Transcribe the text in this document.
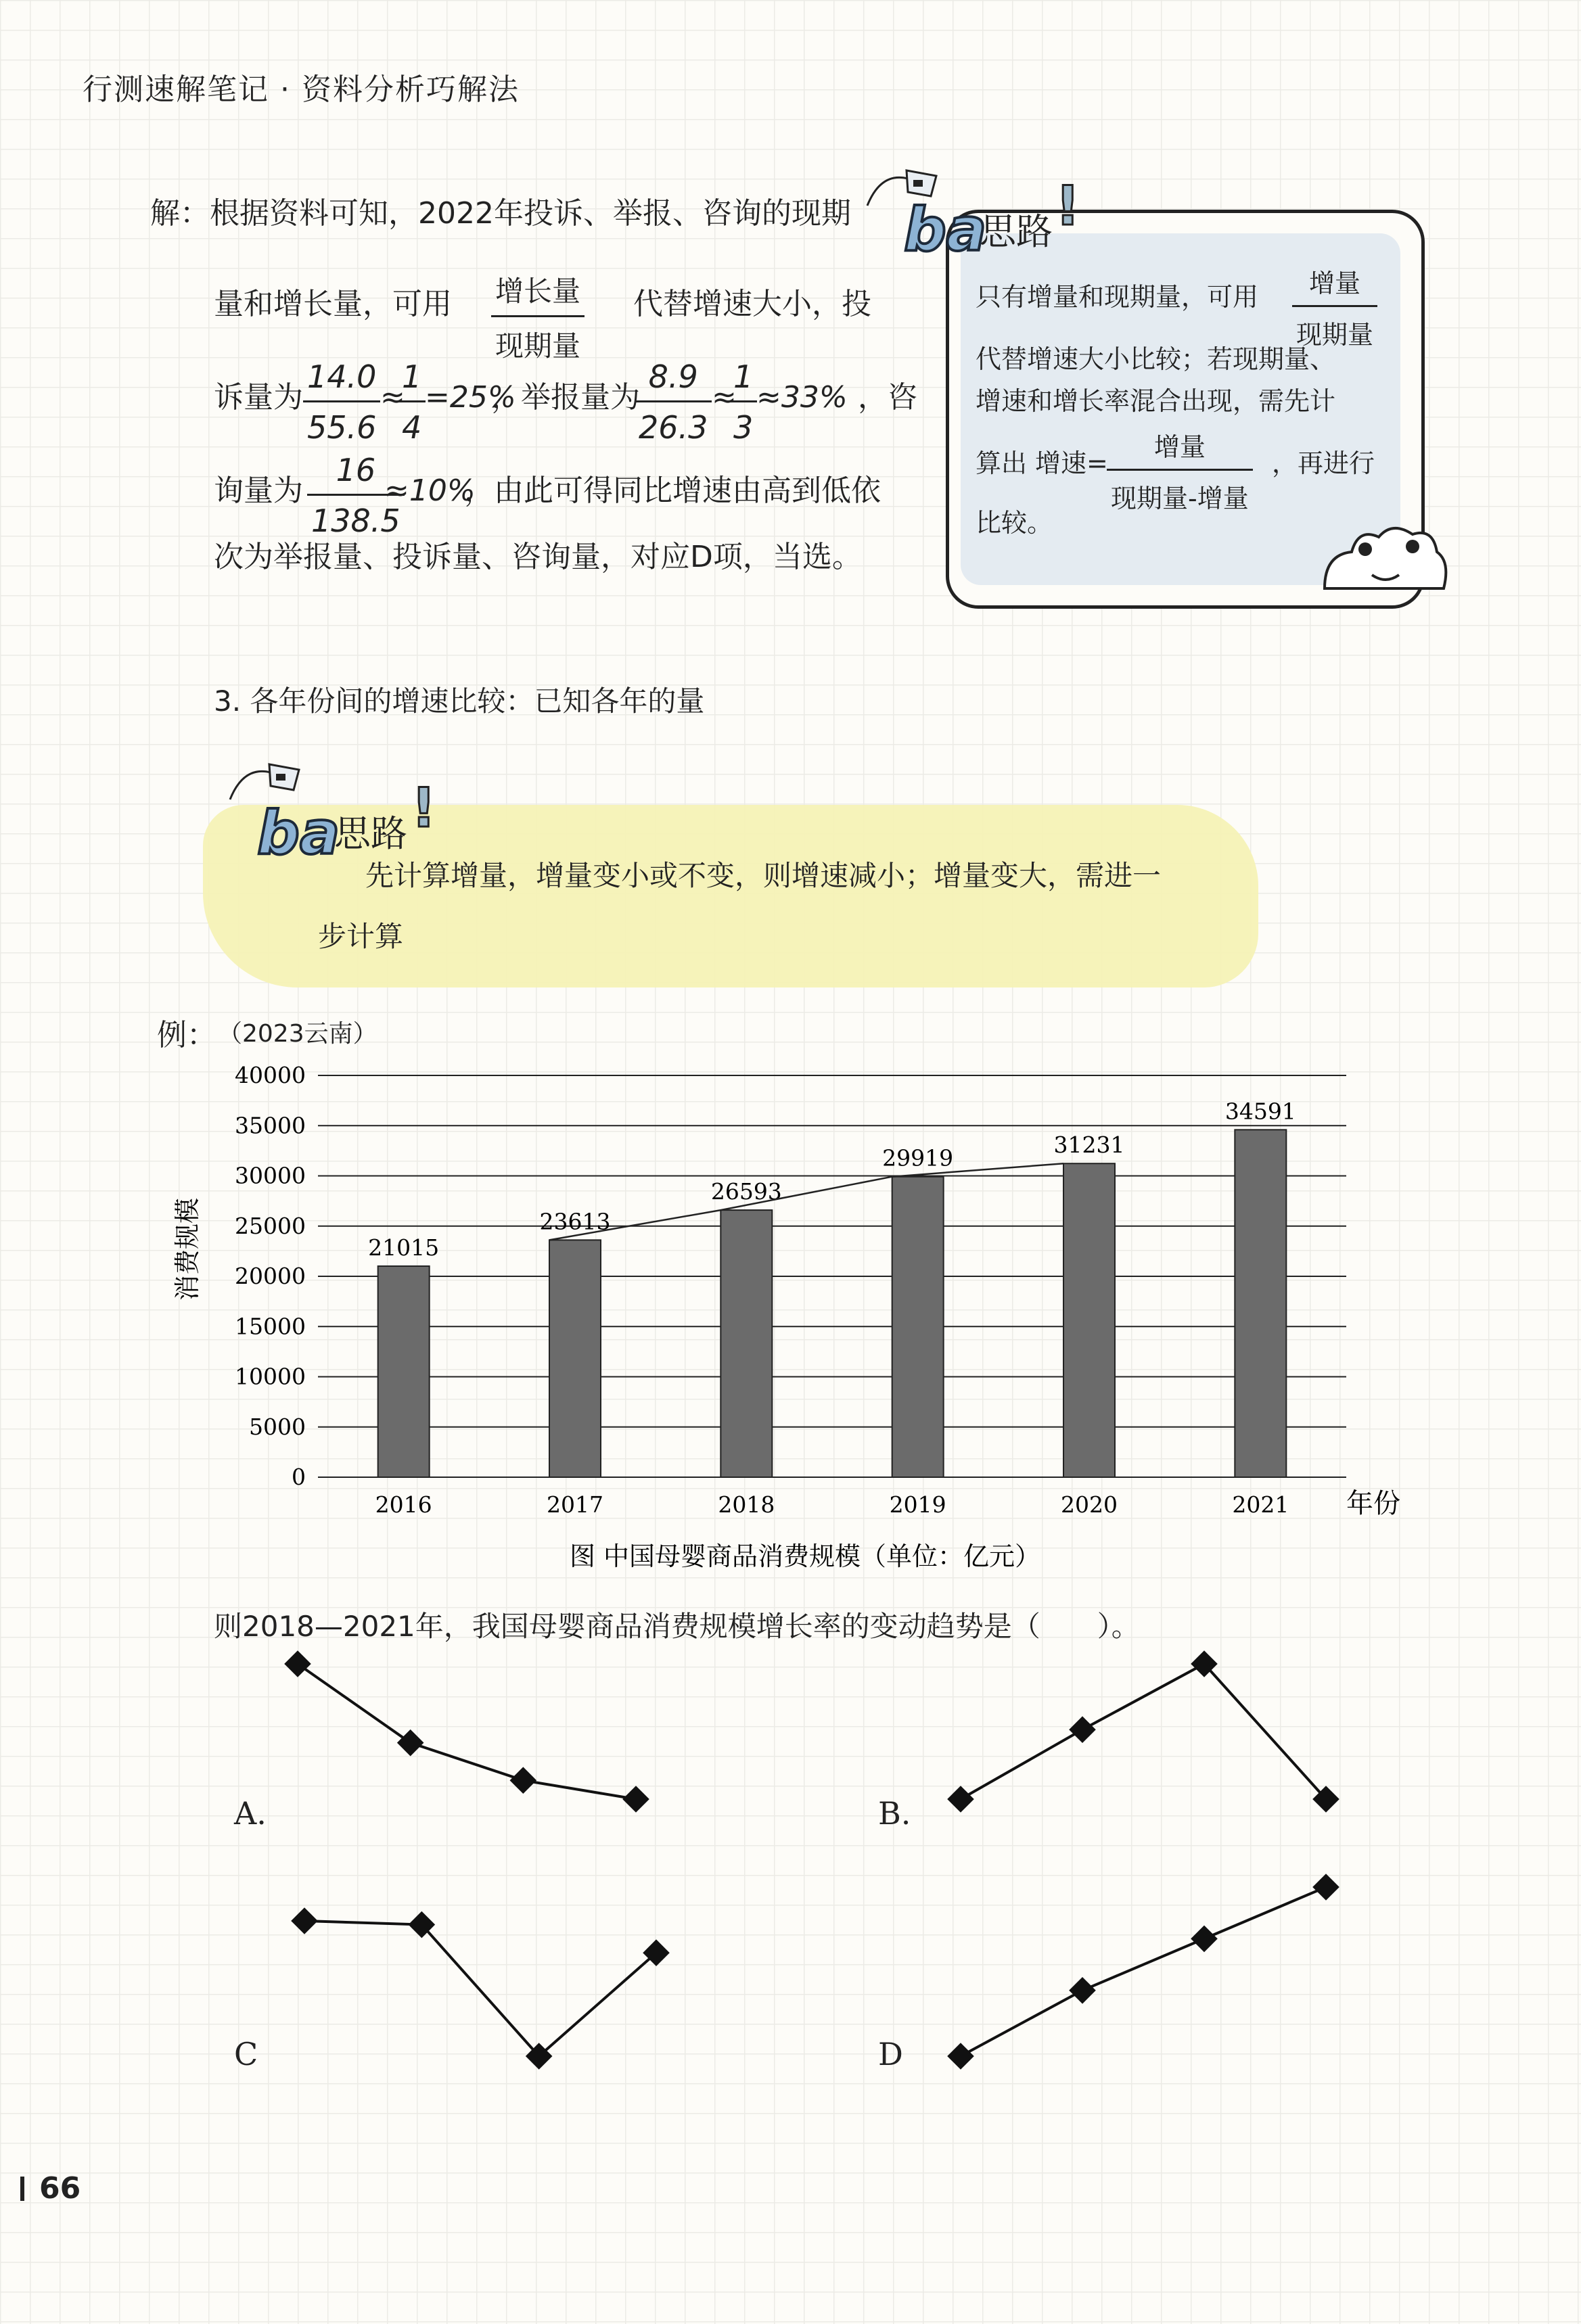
行测速解笔记 · 资料分析巧解法
解：根据资料可知，2022年投诉、举报、咨询的现期
量和增长量，可用 增长量
现期量
代替增速大小，投
诉量为 $\frac{14.0}{55.6}$ ≈
$\frac{1}{4}$
=25%
，举报量为
$\frac{8.9}{26.3}$ ≈
$\frac{1}{3}$
≈33% ，咨
询量为 $\frac{16}{138.5}$
≈10%
，由此可得同比增速由高到低依
次为举报量、投诉量、咨询量，对应D项，当选。
ba
思路 !
只有增量和现期量，可用	增量
现期量
代替增速大小比较；若现期量、
增速和增长率混合出现，需先计
算出 增速=
增量
现期量-增量
，再进行
比较。
3. 各年份间的增速比较：已知各年的量
ba
思路 !
先计算增量，增量变小或不变，则增速减小；增量变大，需进一
步计算
例： （2023云南）
0
5000
10000
15000
20000
25000
30000
35000
40000
消费规模	21015
2016
23613
2017
26593
2018
29919
2019
31231
2020
34591
2021 年份
图 中国母婴商品消费规模（单位：亿元）
则2018—2021年，我国母婴商品消费规模增长率的变动趋势是（　　）。
A.	B.
C	D
66
